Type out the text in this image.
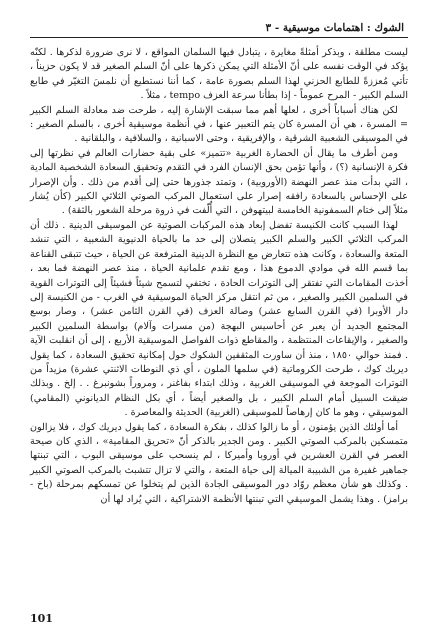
الشوك : اهتمامات موسيقية - ٣

ليست مطلقة ، وبذكر أمثلةً مغايرة ، يتبادل فيها السلمان المواقع ، لا نرى ضرورة لذكرها . لكنّه يؤكد في الوقت نفسه على أنّ الأمثلة التي يمكن ذكرها على أنّ السلم الصغير قد لا يكون حزيناً ، تأتي مُعززةً للطابع الحزني لهذا السلم بصورة عامة ، كما أننا نستطيع أن نلمسَ التغيّر في طابع السلم الكبير - المرح عموماً - إذا بطأنا سرعة العزف tempo ، مثلاً .

لكن هناك أسباباً أخرى ، لعلها أهم مما سبقت الإشارة إليه ، طرحت ضد معادلة السلم الكبير = المسرة ، هي أن المسرة كان يتم التعبير عنها ، في أنظمة موسيقية أخرى ، بالسلم الصغير : في الموسيقى الشعبية الشرقية ، والإفريقية ، وحتى الاسبانية ، والسلافية ، والبلقانية .

ومن أطرف ما يقال أن الحضارة الغربية «تتميز» على بقية حضارات العالم في نظرتها إلى فكرة الإنسانية (؟) ، وأنها تؤمن بحق الإنسان الفرد في التقدم وتحقيق السعادة الشخصية المادية ، التي بدأت منذ عصر النهضة (الأوروبية) ، وتمتد جذورها حتى إلى أقدم من ذلك . وأن الإصرار على الإحساس بالسعادة رافقه إصرار على استعمال المركب الصوتي الثلاثي الكبير (كأن يُشار مثلاً إلى ختام السمفونية الخامسة لبيتهوفن ، التي أُلّفت في ذروة مرحلة الشعور بالثقة) .

لهذا السبب كانت الكنيسة تفضل إبعاد هذه المركبات الصوتية عن الموسيقى الدينية . ذلك أن المركب الثلاثي الكبير والسلم الكبير يتصلان إلى حد ما بالحياة الدنيوية الشعبية ، التي تنشد المتعة والسعادة ، وكانت هذه تتعارض مع النظرة الدينية المترفعة عن الحياة ، حيث تتبقى القناعة بما قسم الله في موادي الدموع هذا ، ومع تقدم علمانية الحياة ، منذ عصر النهضة فما بعد ، أخذت المقامات التي تفتقر إلى التوترات الحادة ، تختفي لتسمح شيئاً فشيئاً إلى التوترات القوية في السلمين الكبير والصغير ، من ثم انتقل مركز الحياة الموسيقية في الغرب - من الكنيسة إلى دار الأوبرا (في القرن السابع عشر) وصالة العزف (في القرن الثامن عشر) ، وصار بوسع المجتمع الجديد أن يعبر عن أحاسيس البهجة (من مسرات وآلام) بواسطة السلمين الكبير والصغير ، والإيقاعات المنتظمة ، والمقاطع ذوات الفواصل الموسيقية الأربع ، إلى أن انقلبت الآية . فمنذ حوالي ١٨٥٠ ، منذ أن ساورت المثقفين الشكوك حول إمكانية تحقيق السعادة ، كما يقول ديريك كوك ، طرحت الكروماتية (في سلمها الملون ، أي ذي النوطات الاثنتي عشرة) مزيداً من التوترات الموجعة في الموسيقى الغربية ، وذلك ابتداء بفاغنر ، ومروراً بشونبرغ . . إلخ . وبذلك ضيقت السبيل أمام السلم الكبير ، بل والصغير أيضاً ، أي بكل النظام الديانوني (المقامي) الموسيقي ، وهو ما كان إرهاصاً للموسيقى (الغربية) الحديثة والمعاصرة .

أما أولئك الذين يؤمنون ، أو ما زالوا كذلك ، بفكرة السعادة ، كما يقول ديريك كوك ، فلا يزالون متمسكين بالمركب الصوتي الكبير . ومن الجدير بالذكر أنّ «تحريق المقامية» ، الذي كان صيحة العصر في القرن العشرين في أوروبا وأميركا ، لم ينسحب على موسيقى البوب ، التي تبنتها جماهير غفيرة من الشبيبة الميالة إلى حياة المتعة ، والتي لا تزال تتشبث بالمركب الصوتي الكبير . وكذلك هو شأن معظم روّاد دور الموسيقى الجادة الذين لم يتخلوا عن تمسكهم بمرحلة (باخ - برامز) . وهذا يشمل الموسيقي التي تبنتها الأنظمة الاشتراكية ، التي يُراد لها أن

101
